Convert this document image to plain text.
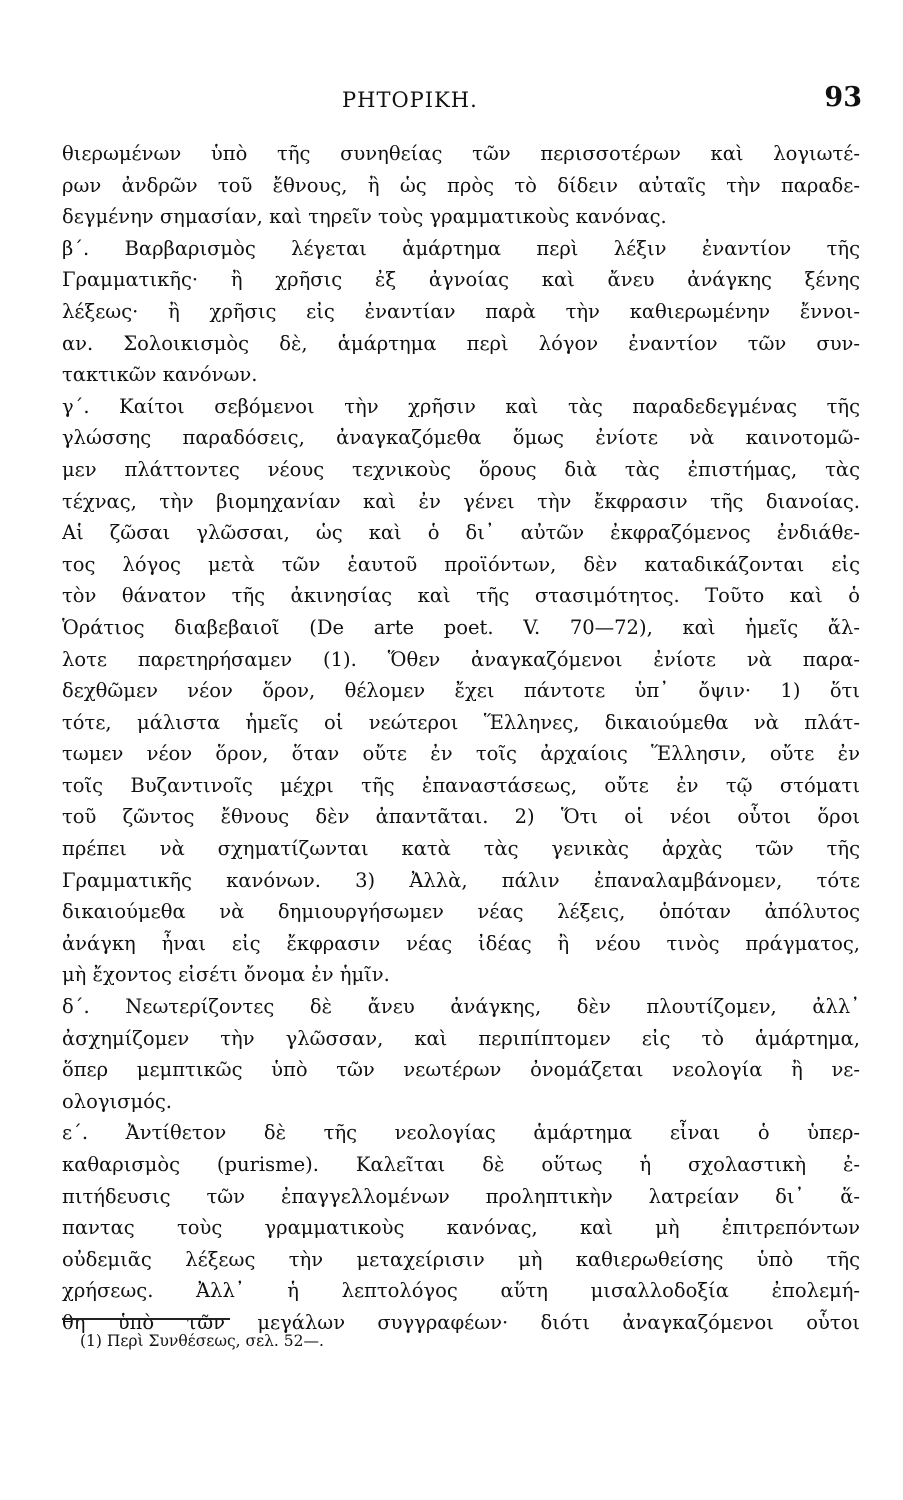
ΡΗΤΟΡΙΚΗ.	93
θιερωμένων ὑπὸ τῆς συνηθείας τῶν περισσοτέρων καὶ λογιωτέ-
ρων ἀνδρῶν τοῦ ἔθνους, ἢ ὡς πρὸς τὸ δίδειν αὐταῖς τὴν παραδε-
δεγμένην σημασίαν, καὶ τηρεῖν τοὺς γραμματικοὺς κανόνας.
β΄. Βαρβαρισμὸς λέγεται ἁμάρτημα περὶ λέξιν ἐναντίον τῆς
Γραμματικῆς· ἢ χρῆσις ἐξ ἀγνοίας καὶ ἄνευ ἀνάγκης ξένης
λέξεως· ἢ χρῆσις εἰς ἐναντίαν παρὰ τὴν καθιερωμένην ἔννοι-
αν. Σολοικισμὸς δὲ, ἁμάρτημα περὶ λόγον ἐναντίον τῶν συν-
τακτικῶν κανόνων.
γ΄. Καίτοι σεβόμενοι τὴν χρῆσιν καὶ τὰς παραδεδεγμένας τῆς
γλώσσης παραδόσεις, ἀναγκαζόμεθα ὅμως ἐνίοτε νὰ καινοτομῶ-
μεν πλάττοντες νέους τεχνικοὺς ὅρους διὰ τὰς ἐπιστήμας, τὰς
τέχνας, τὴν βιομηχανίαν καὶ ἐν γένει τὴν ἔκφρασιν τῆς διανοίας.
Αἱ ζῶσαι γλῶσσαι, ὡς καὶ ὁ δι᾽ αὐτῶν ἐκφραζόμενος ἐνδιάθε-
τος λόγος μετὰ τῶν ἑαυτοῦ προϊόντων, δὲν καταδικάζονται εἰς
τὸν θάνατον τῆς ἀκινησίας καὶ τῆς στασιμότητος. Τοῦτο καὶ ὁ
Ὁράτιος διαβεβαιοῖ (De arte poet. V. 70—72), καὶ ἡμεῖς ἄλ-
λοτε παρετηρήσαμεν (1). Ὅθεν ἀναγκαζόμενοι ἐνίοτε νὰ παρα-
δεχθῶμεν νέον ὅρον, θέλομεν ἔχει πάντοτε ὑπ᾽ ὄψιν· 1) ὅτι
τότε, μάλιστα ἡμεῖς οἱ νεώτεροι Ἕλληνες, δικαιούμεθα νὰ πλάτ-
τωμεν νέον ὅρον, ὅταν οὔτε ἐν τοῖς ἀρχαίοις Ἕλλησιν, οὔτε ἐν
τοῖς Βυζαντινοῖς μέχρι τῆς ἐπαναστάσεως, οὔτε ἐν τῷ στόματι
τοῦ ζῶντος ἔθνους δὲν ἀπαντᾶται. 2) Ὅτι οἱ νέοι οὗτοι ὅροι
πρέπει νὰ σχηματίζωνται κατὰ τὰς γενικὰς ἀρχὰς τῶν τῆς
Γραμματικῆς κανόνων. 3) Ἀλλὰ, πάλιν ἐπαναλαμβάνομεν, τότε
δικαιούμεθα νὰ δημιουργήσωμεν νέας λέξεις, ὁπόταν ἀπόλυτος
ἀνάγκη ἦναι εἰς ἔκφρασιν νέας ἰδέας ἢ νέου τινὸς πράγματος,
μὴ ἔχοντος εἰσέτι ὄνομα ἐν ἡμῖν.
δ΄. Νεωτερίζοντες δὲ ἄνευ ἀνάγκης, δὲν πλουτίζομεν, ἀλλ᾽
ἀσχημίζομεν τὴν γλῶσσαν, καὶ περιπίπτομεν εἰς τὸ ἁμάρτημα,
ὅπερ μεμπτικῶς ὑπὸ τῶν νεωτέρων ὀνομάζεται νεολογία ἢ νε-
ολογισμός.
ε΄. Ἀντίθετον δὲ τῆς νεολογίας ἁμάρτημα εἶναι ὁ ὑπερ-
καθαρισμὸς (purisme). Καλεῖται δὲ οὕτως ἡ σχολαστικὴ ἐ-
πιτήδευσις τῶν ἐπαγγελλομένων προληπτικὴν λατρείαν δι᾽ ἅ-
παντας τοὺς γραμματικοὺς κανόνας, καὶ μὴ ἐπιτρεπόντων
οὐδεμιᾶς λέξεως τὴν μεταχείρισιν μὴ καθιερωθείσης ὑπὸ τῆς
χρήσεως. Ἀλλ᾽ ἡ λεπτολόγος αὕτη μισαλλοδοξία ἐπολεμή-
θη ὑπὸ τῶν μεγάλων συγγραφέων· διότι ἀναγκαζόμενοι οὗτοι
(1) Περὶ Συνθέσεως, σελ. 52—.
